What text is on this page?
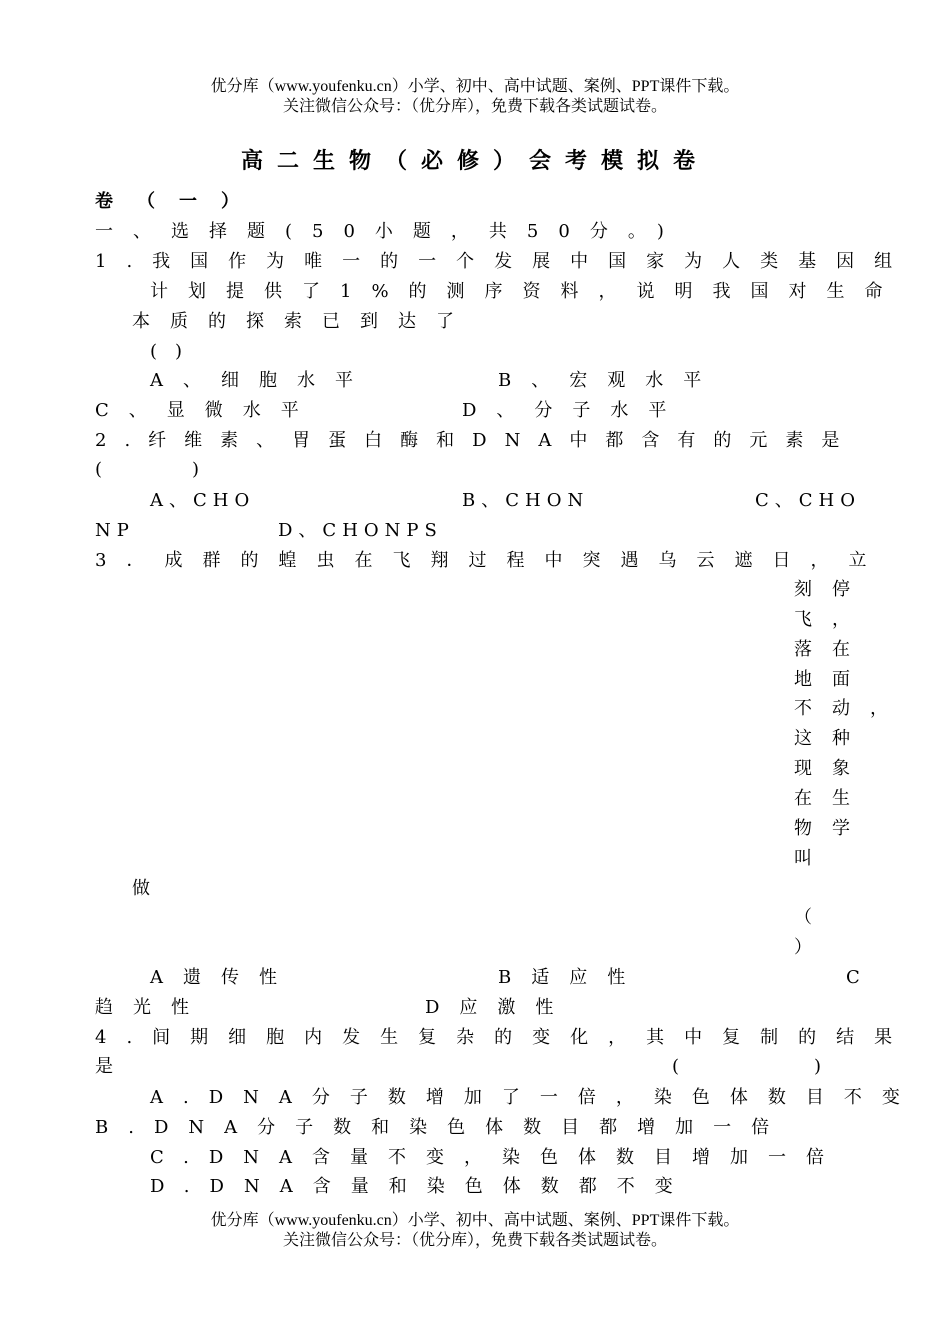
优分库（www.youfenku.cn）小学、初中、高中试题、案例、PPT课件下载。
关注微信公众号：（优分库），免费下载各类试题试卷。
高二生物（必修）会考模拟卷
卷（一）
一、选择题(50小题，共50分。)
1.我国作为唯一的一个发展中国家为人类基因组
计划提供了1%的测序资料，说明我国对生命
本质的探索已到达了
(　)
A、细胞水平	B、宏观水平
C、显微水平	D、分子水平
2.纤维素、胃蛋白酶和DNA中都含有的元素是
(　　　　　)
A、CHO	B、CHON	C、CHO
NP	D、CHONPS
3．成群的蝗虫在飞翔过程中突遇乌云遮日，立
刻停
飞，
落在
地面
不动，
这种
现象
在生
物学
叫
做
（
）
A遗传性	B适应性	C
趋光性	D应激性
4.间期细胞内发生复杂的变化，其中复制的结果
是	(	)
A.DNA分子数增加了一倍，染色体数目不变
B.DNA分子数和染色体数目都增加一倍
C.DNA含量不变，染色体数目增加一倍
D.DNA含量和染色体数都不变
优分库（www.youfenku.cn）小学、初中、高中试题、案例、PPT课件下载。
关注微信公众号：（优分库），免费下载各类试题试卷。
